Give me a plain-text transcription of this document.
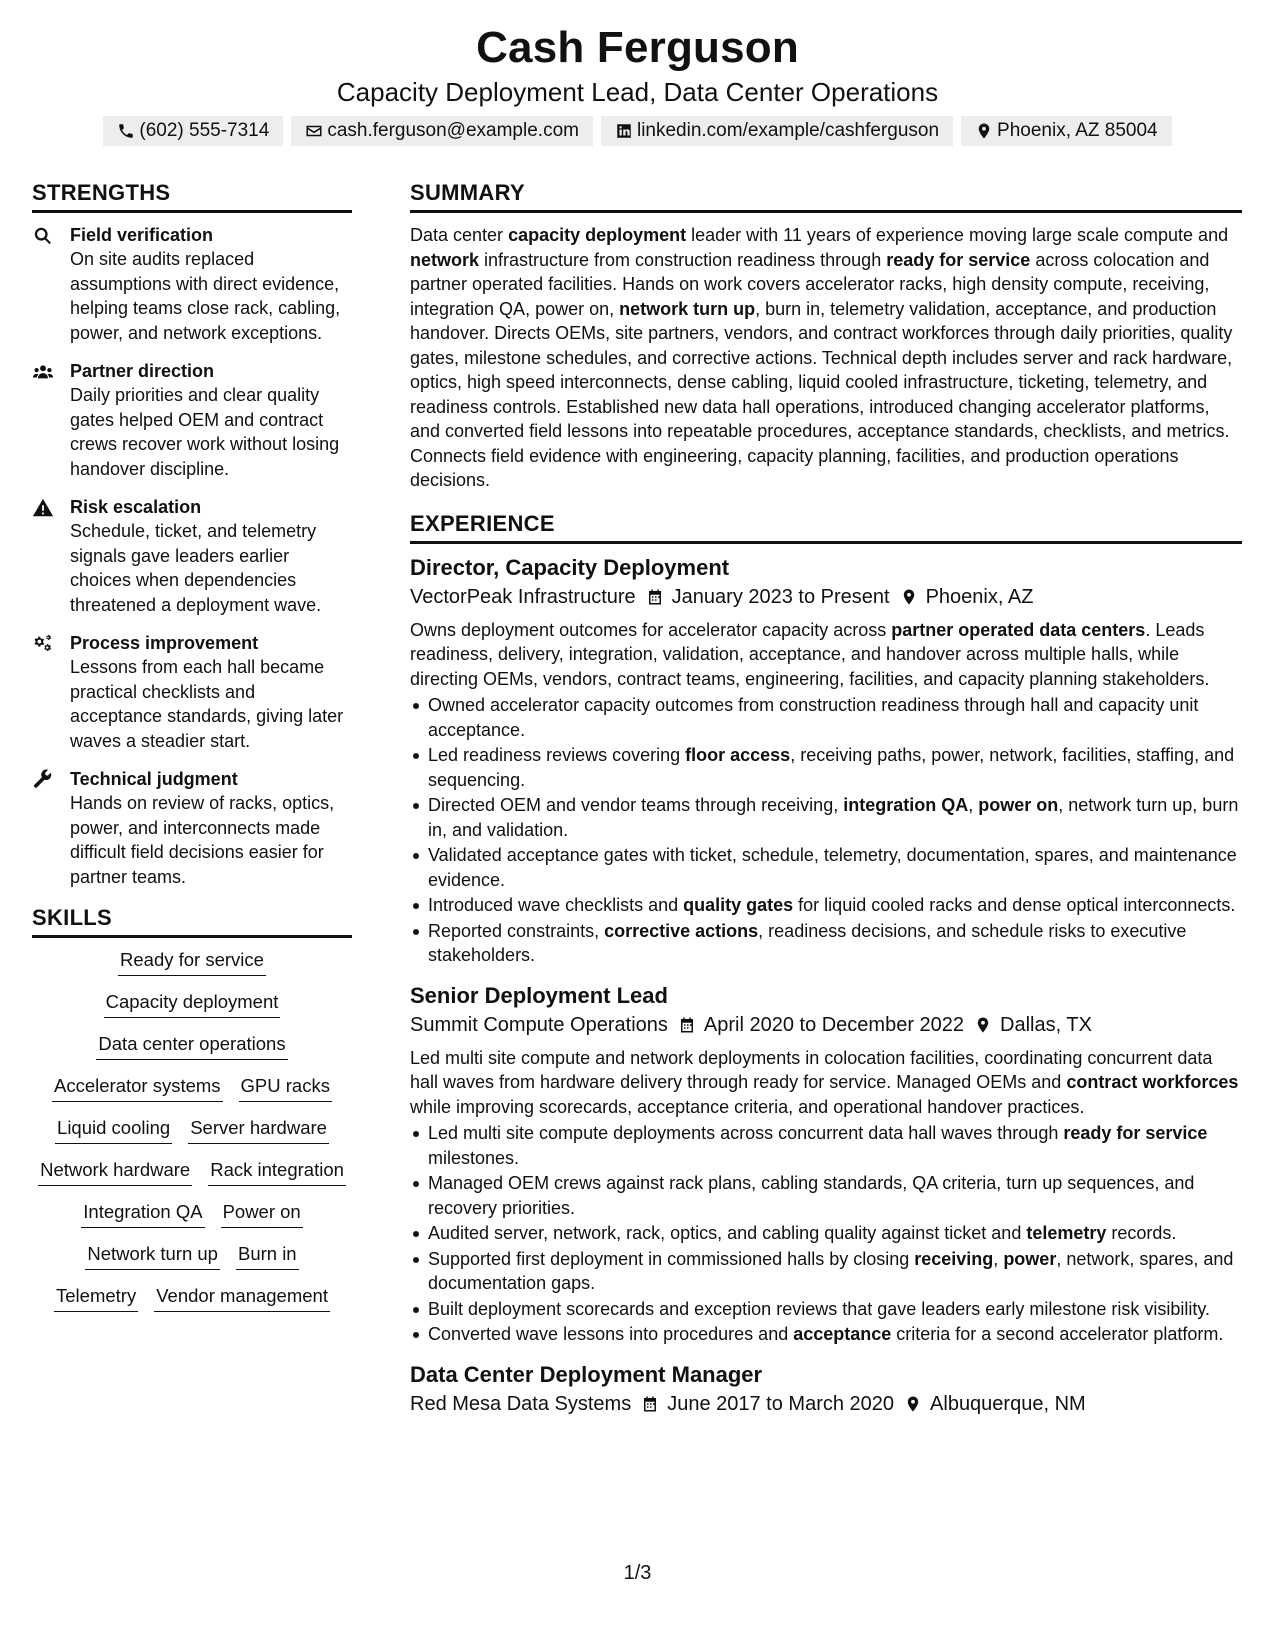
Cash Ferguson
Capacity Deployment Lead, Data Center Operations
(602) 555-7314	cash.ferguson@example.com	linkedin.com/example/cashferguson	Phoenix, AZ 85004
STRENGTHS
Field verification
On site audits replaced assumptions with direct evidence, helping teams close rack, cabling, power, and network exceptions.
Partner direction
Daily priorities and clear quality gates helped OEM and contract crews recover work without losing handover discipline.
Risk escalation
Schedule, ticket, and telemetry signals gave leaders earlier choices when dependencies threatened a deployment wave.
Process improvement
Lessons from each hall became practical checklists and acceptance standards, giving later waves a steadier start.
Technical judgment
Hands on review of racks, optics, power, and interconnects made difficult field decisions easier for partner teams.
SKILLS
Ready for service
Capacity deployment
Data center operations
Accelerator systems GPU racks
Liquid cooling Server hardware
Network hardware Rack integration
Integration QA Power on
Network turn up Burn in
Telemetry Vendor management
SUMMARY
Data center capacity deployment leader with 11 years of experience moving large scale compute and network infrastructure from construction readiness through ready for service across colocation and partner operated facilities. Hands on work covers accelerator racks, high density compute, receiving, integration QA, power on, network turn up, burn in, telemetry validation, acceptance, and production handover. Directs OEMs, site partners, vendors, and contract workforces through daily priorities, quality gates, milestone schedules, and corrective actions. Technical depth includes server and rack hardware, optics, high speed interconnects, dense cabling, liquid cooled infrastructure, ticketing, telemetry, and readiness controls. Established new data hall operations, introduced changing accelerator platforms, and converted field lessons into repeatable procedures, acceptance standards, checklists, and metrics. Connects field evidence with engineering, capacity planning, facilities, and production operations decisions.
EXPERIENCE
Director, Capacity Deployment
VectorPeak Infrastructure January 2023 to Present Phoenix, AZ
Owns deployment outcomes for accelerator capacity across partner operated data centers. Leads readiness, delivery, integration, validation, acceptance, and handover across multiple halls, while directing OEMs, vendors, contract teams, engineering, facilities, and capacity planning stakeholders.
Owned accelerator capacity outcomes from construction readiness through hall and capacity unit acceptance.
Led readiness reviews covering floor access, receiving paths, power, network, facilities, staffing, and sequencing.
Directed OEM and vendor teams through receiving, integration QA, power on, network turn up, burn in, and validation.
Validated acceptance gates with ticket, schedule, telemetry, documentation, spares, and maintenance evidence.
Introduced wave checklists and quality gates for liquid cooled racks and dense optical interconnects.
Reported constraints, corrective actions, readiness decisions, and schedule risks to executive stakeholders.
Senior Deployment Lead
Summit Compute Operations April 2020 to December 2022 Dallas, TX
Led multi site compute and network deployments in colocation facilities, coordinating concurrent data hall waves from hardware delivery through ready for service. Managed OEMs and contract workforces while improving scorecards, acceptance criteria, and operational handover practices.
Led multi site compute deployments across concurrent data hall waves through ready for service milestones.
Managed OEM crews against rack plans, cabling standards, QA criteria, turn up sequences, and recovery priorities.
Audited server, network, rack, optics, and cabling quality against ticket and telemetry records.
Supported first deployment in commissioned halls by closing receiving, power, network, spares, and documentation gaps.
Built deployment scorecards and exception reviews that gave leaders early milestone risk visibility.
Converted wave lessons into procedures and acceptance criteria for a second accelerator platform.
Data Center Deployment Manager
Red Mesa Data Systems June 2017 to March 2020 Albuquerque, NM
1/3
